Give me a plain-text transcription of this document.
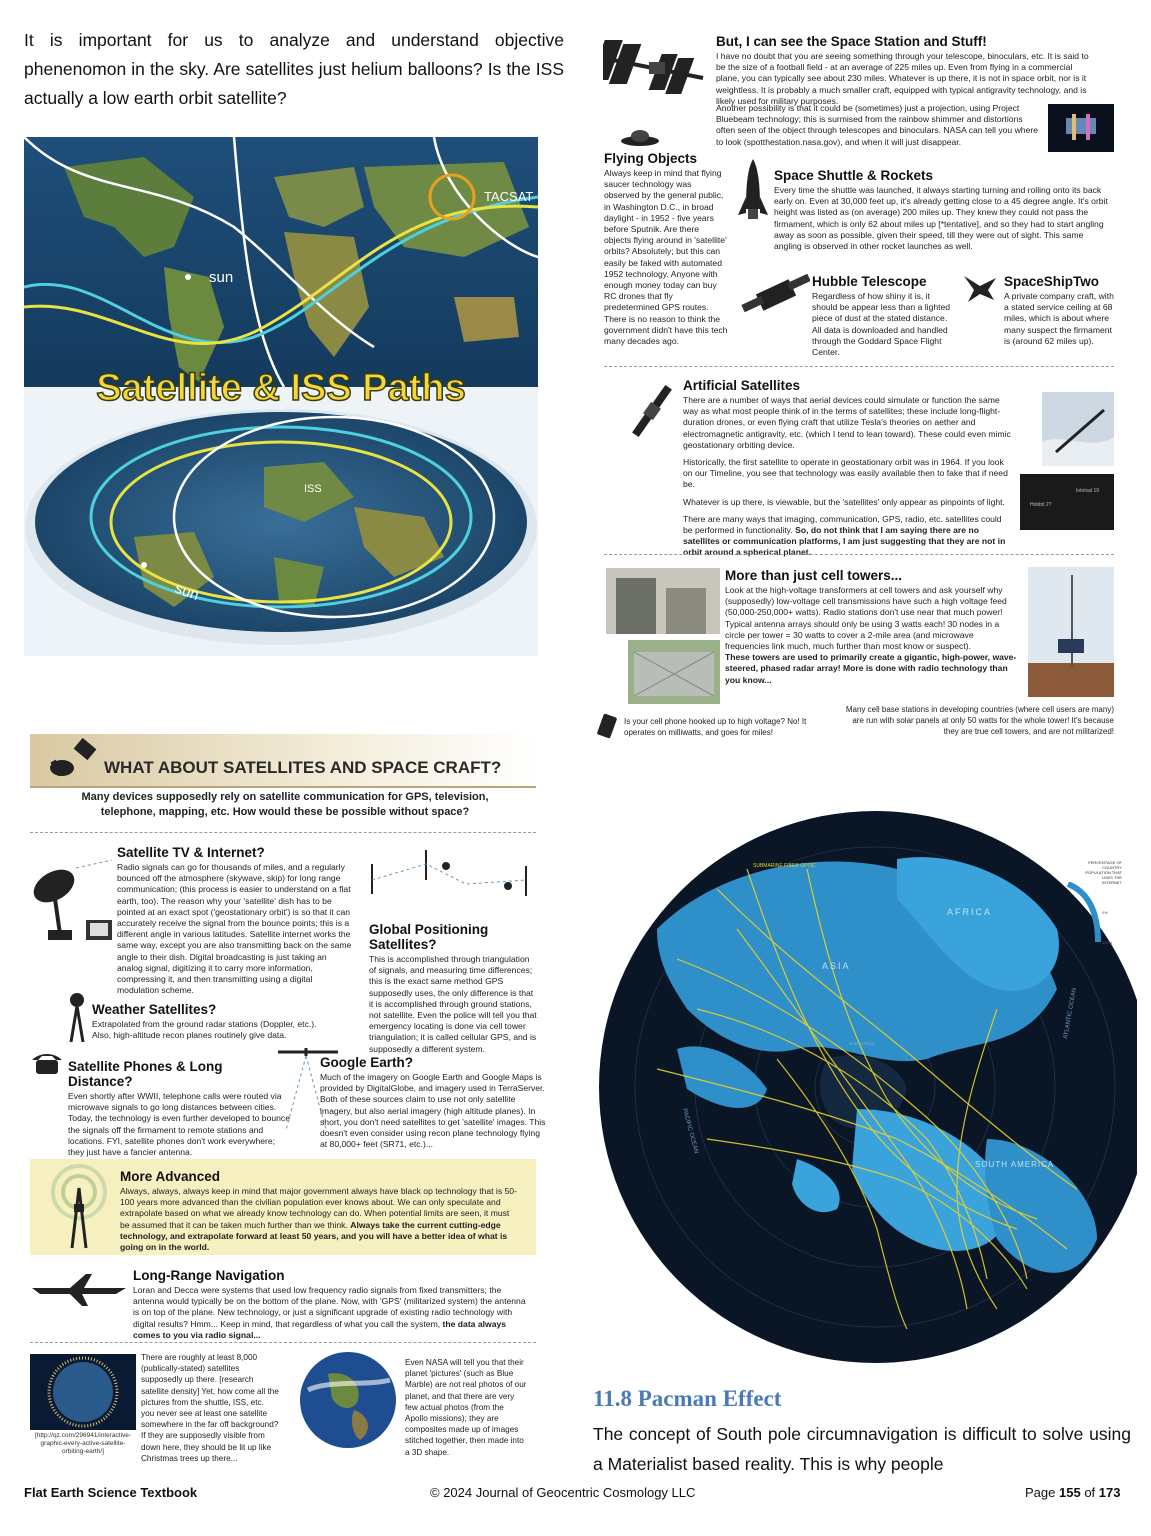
It is important for us to analyze and understand objective phenenomon in the sky. Are satellites just helium balloons? Is the ISS actually a low earth orbit satellite?
TACSAT
sun
Satellite & ISS Paths
ISS
sun

But, I can see the Space Station and Stuff!

I have no doubt that you are seeing something through your telescope, binoculars, etc. It is said to be the size of a football field - at an average of 225 miles up. Even from flying in a commercial plane, you can typically see about 230 miles. Whatever is up there, it is not in space orbit, nor is it weightless. It is probably a much smaller craft, equipped with typical antigravity technology, and is likely used for military purposes.

Another possibility is that it could be (sometimes) just a projection, using Project Bluebeam technology; this is surmised from the rainbow shimmer and distortions often seen of the object through telescopes and binoculars. NASA can tell you where to look (spotthestation.nasa.gov), and when it will just disappear.

Flying Objects

Always keep in mind that flying saucer technology was observed by the general public, in Washington D.C., in broad daylight - in 1952 - five years before Sputnik. Are there objects flying around in 'satellite' orbits? Absolutely; but this can easily be faked with automated 1952 technology. Anyone with enough money today can buy RC drones that fly predetermined GPS routes. There is no reason to think the government didn't have this tech many decades ago.

Space Shuttle & Rockets

Every time the shuttle was launched, it always starting turning and rolling onto its back early on. Even at 30,000 feet up, it's already getting close to a 45 degree angle. It's orbit height was listed as (on average) 200 miles up. They knew they could not pass the firmament, which is only 62 about miles up [*tentative], and so they had to start angling away as soon as possible, given their speed, till they were out of sight. This same angling is observed in other rocket launches as well.

Hubble Telescope

Regardless of how shiny it is, it should be appear less than a lighted piece of dust at the stated distance. All data is downloaded and handled through the Goddard Space Flight Center.

SpaceShipTwo

A private company craft, with a stated service ceiling at 68 miles, which is about where many suspect the firmament is (around 62 miles up).

Artificial Satellites

There are a number of ways that aerial devices could simulate or function the same way as what most people think of in the terms of satellites; these include long-flight-duration drones, or even flying craft that utilize Tesla's theories on aether and electromagnetic antigravity, etc. (which I tend to lean toward). These could even mimic geostationary orbiting device.

Historically, the first satellite to operate in geostationary orbit was in 1964. If you look on our Timeline, you see that technology was easily available then to fake that if need be.

Whatever is up there, is viewable, but the 'satellites' only appear as pinpoints of light.

There are many ways that imaging, communication, GPS, radio, etc. satellites could be performed in functionality. So, do not think that I am saying there are no satellites or communication platforms, I am just suggesting that they are not in orbit around a spherical planet.

Intelsat 19
Hobbit 2?

More than just cell towers...

Look at the high-voltage transformers at cell towers and ask yourself why (supposedly) low-voltage cell transmissions have such a high voltage feed (50,000-250,000+ watts). Radio stations don't use near that much power! Typical antenna arrays should only be using 3 watts each! 30 nodes in a circle per tower = 30 watts to cover a 2-mile area (and microwave frequencies link much, much further than most know or suspect).

These towers are used to primarily create a gigantic, high-power, wave-steered, phased radar array! More is done with radio technology than you know...

Is your cell phone hooked up to high voltage? No! It operates on milliwatts, and goes for miles!
Many cell base stations in developing countries (where cell users are many) are run with solar panels at only 50 watts for the whole tower! It's because they are true cell towers, and are not militarized!
WHAT ABOUT SATELLITES AND SPACE CRAFT?
Many devices supposedly rely on satellite communication for GPS, television, telephone, mapping, etc. How would these be possible without space?

Satellite TV & Internet?

Radio signals can go for thousands of miles, and a regularly bounced off the atmosphere (skywave, skip) for long range communication; (this process is easier to understand on a flat earth, too). The reason why your 'satellite' dish has to be pointed at an exact spot ('geostationary orbit') is so that it can accurately receive the signal from the bounce points; this is a different angle in various latitudes. Satellite internet works the same way, except you are also transmitting back on the same angle to their dish. Digital broadcasting is just taking an analog signal, digitizing it to carry more information, compressing it, and then transmitting using a digital modulation scheme.

Global Positioning Satellites?

This is accomplished through triangulation of signals, and measuring time differences; this is the exact same method GPS supposedly uses, the only difference is that it is accomplished through ground stations, not satellite. Even the police will tell you that emergency locating is done via cell tower triangulation; it is called cellular GPS, and is supposedly a different system.

Weather Satellites?

Extrapolated from the ground radar stations (Doppler, etc.). Also, high-altitude recon planes routinely give data.

Satellite Phones & Long Distance?

Even shortly after WWII, telephone calls were routed via microwave signals to go long distances between cities. Today, the technology is even further developed to bounce the signals off the firmament to remote stations and locations. FYI, satellite phones don't work everywhere; they just have a fancier antenna.

Google Earth?

Much of the imagery on Google Earth and Google Maps is provided by DigitalGlobe, and imagery used in TerraServer. Both of these sources claim to use not only satellite imagery, but also aerial imagery (high altitude planes). In short, you don't need satellites to get 'satellite' images. This doesn't even consider using recon plane technology flying at 80,000+ feet (SR71, etc.)...

More Advanced

Always, always, always keep in mind that major government always have black op technology that is 50-100 years more advanced than the civilian population ever knows about. We can only speculate and extrapolate based on what we already know technology can do. When potential limits are seen, it must be assumed that it can be taken much further than we think. Always take the current cutting-edge technology, and extrapolate forward at least 50 years, and you will have a better idea of what is going on in the world.

Long-Range Navigation

Loran and Decca were systems that used low frequency radio signals from fixed transmitters; the antenna would typically be on the bottom of the plane. Now, with 'GPS' (militarized system) the antenna is on top of the plane. New technology, or just a significant upgrade of existing radio technology with digital results? Hmm... Keep in mind, that regardless of what you call the system, the data always comes to you via radio signal...

[http://qz.com/296941/interactive-graphic-every-active-satellite-orbiting-earth/]

There are roughly at least 8,000 (publically-stated) satellites supposedly up there. [research satellite density] Yet, how come all the pictures from the shuttle, ISS, etc. you never see at least one satellite somewhere in the far off background? If they are supposedly visible from down here, they should be lit up like Christmas trees up there...

Even NASA will tell you that their planet 'pictures' (such as Blue Marble) are not real photos of our planet, and that there are very few actual photos (from the Apollo missions); they are composites made up of images stitched together, then made into a 3D shape.

SUBMARINE FIBER OPTIC
AFRICA
ASIA
SOUTH AMERICA
PACIFIC OCEAN
ATLANTIC OCEAN
NORTH POLE
PERCENTAGE OF COUNTRY POPULATION THAT USES THE INTERNET
0%
100%
11.8 Pacman Effect
The concept of South pole circumnavigation is difficult to solve using a Materialist based reality. This is why people
Flat Earth Science Textbook	© 2024 Journal of Geocentric Cosmology LLC	Page 155 of 173
